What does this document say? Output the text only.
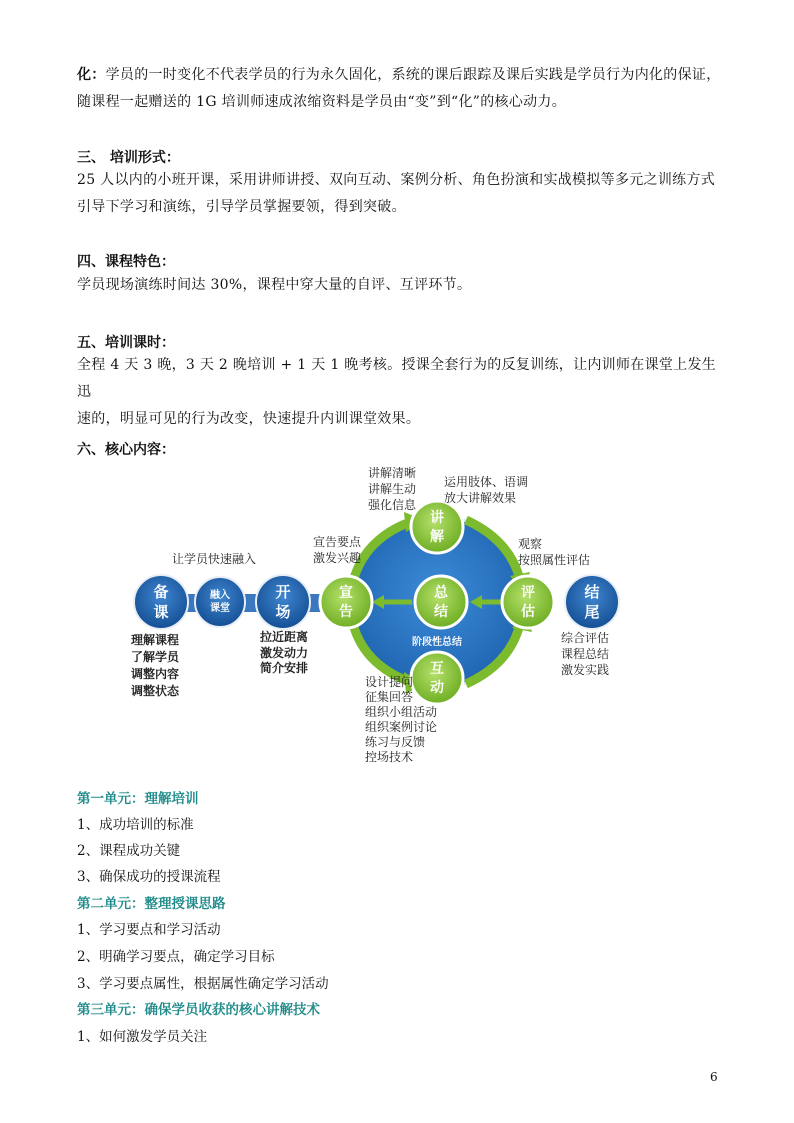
化：学员的一时变化不代表学员的行为永久固化，系统的课后跟踪及课后实践是学员行为内化的保证，
随课程一起赠送的 1G 培训师速成浓缩资料是学员由“变”到“化”的核心动力。
三、 培训形式：
25 人以内的小班开课，采用讲师讲授、双向互动、案例分析、角色扮演和实战模拟等多元之训练方式
引导下学习和演练，引导学员掌握要领，得到突破。
四、课程特色：
学员现场演练时间达 30%，课程中穿大量的自评、互评环节。
五、培训课时：
全程 4 天 3 晚，3 天 2 晚培训 + 1 天 1 晚考核。授课全套行为的反复训练，让内训师在课堂上发生迅
速的，明显可见的行为改变，快速提升内训课堂效果。
六、核心内容：
备
课
融入
课堂
开
场
结
尾
宣
告
讲
解
总
结
互
动
评
估
阶段性总结
让学员快速融入
理解课程
了解学员
调整内容
调整状态
拉近距离
激发动力
简介安排
宣告要点
激发兴趣
讲解清晰
讲解生动
强化信息
运用肢体、语调
放大讲解效果
观察
按照属性评估
综合评估
课程总结
激发实践
设计提问
征集回答
组织小组活动
组织案例讨论
练习与反馈
控场技术
第一单元：理解培训
1、成功培训的标准
2、课程成功关键
3、确保成功的授课流程
第二单元：整理授课思路
1、学习要点和学习活动
2、明确学习要点，确定学习目标
3、学习要点属性，根据属性确定学习活动
第三单元：确保学员收获的核心讲解技术
1、如何激发学员关注
6
